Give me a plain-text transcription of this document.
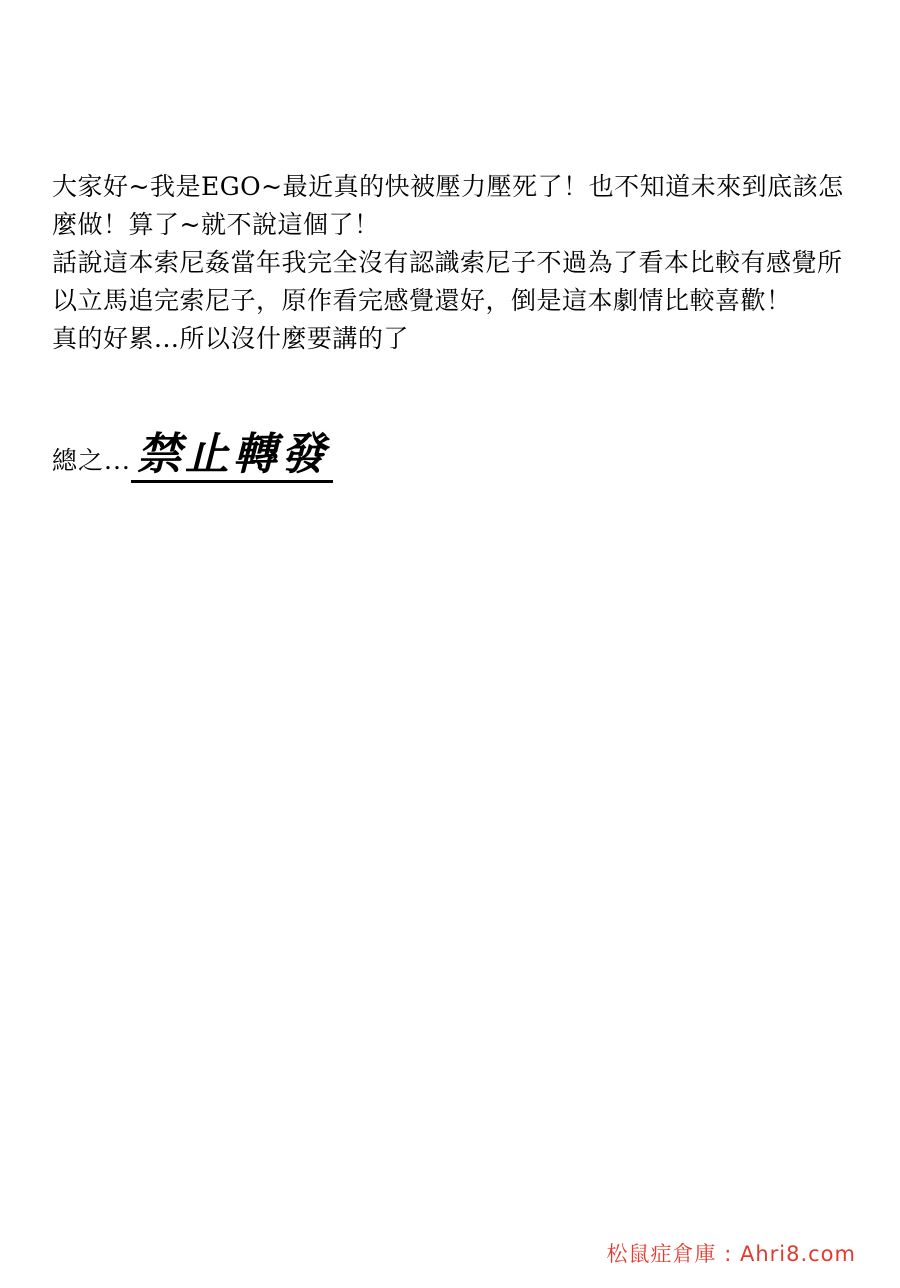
大家好~我是EGO~最近真的快被壓力壓死了！也不知道未來到底該怎麼做！算了~就不說這個了！

話說這本索尼姦當年我完全沒有認識索尼子不過為了看本比較有感覺所以立馬追完索尼子，原作看完感覺還好，倒是這本劇情比較喜歡！

真的好累...所以沒什麼要講的了

總之... 禁止轉發
松鼠症倉庫 : Ahri8.com
